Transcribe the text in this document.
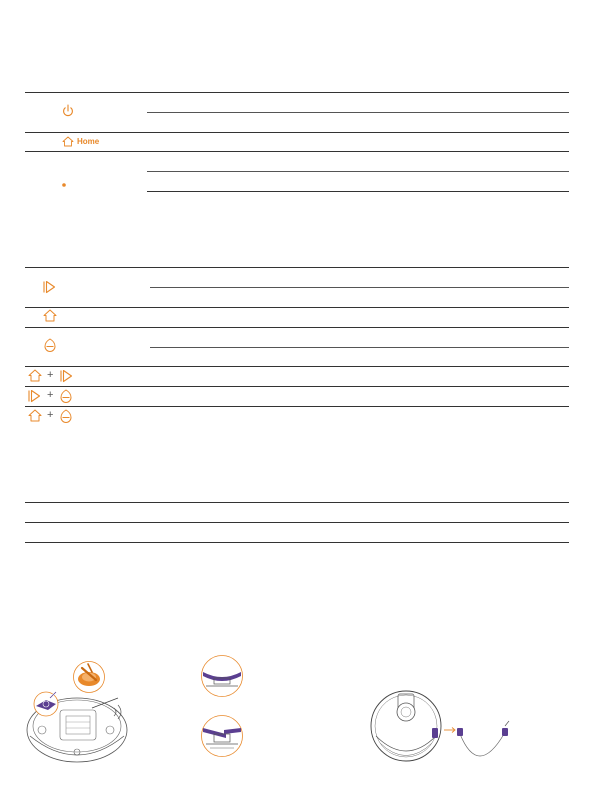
Home
+
+
+
